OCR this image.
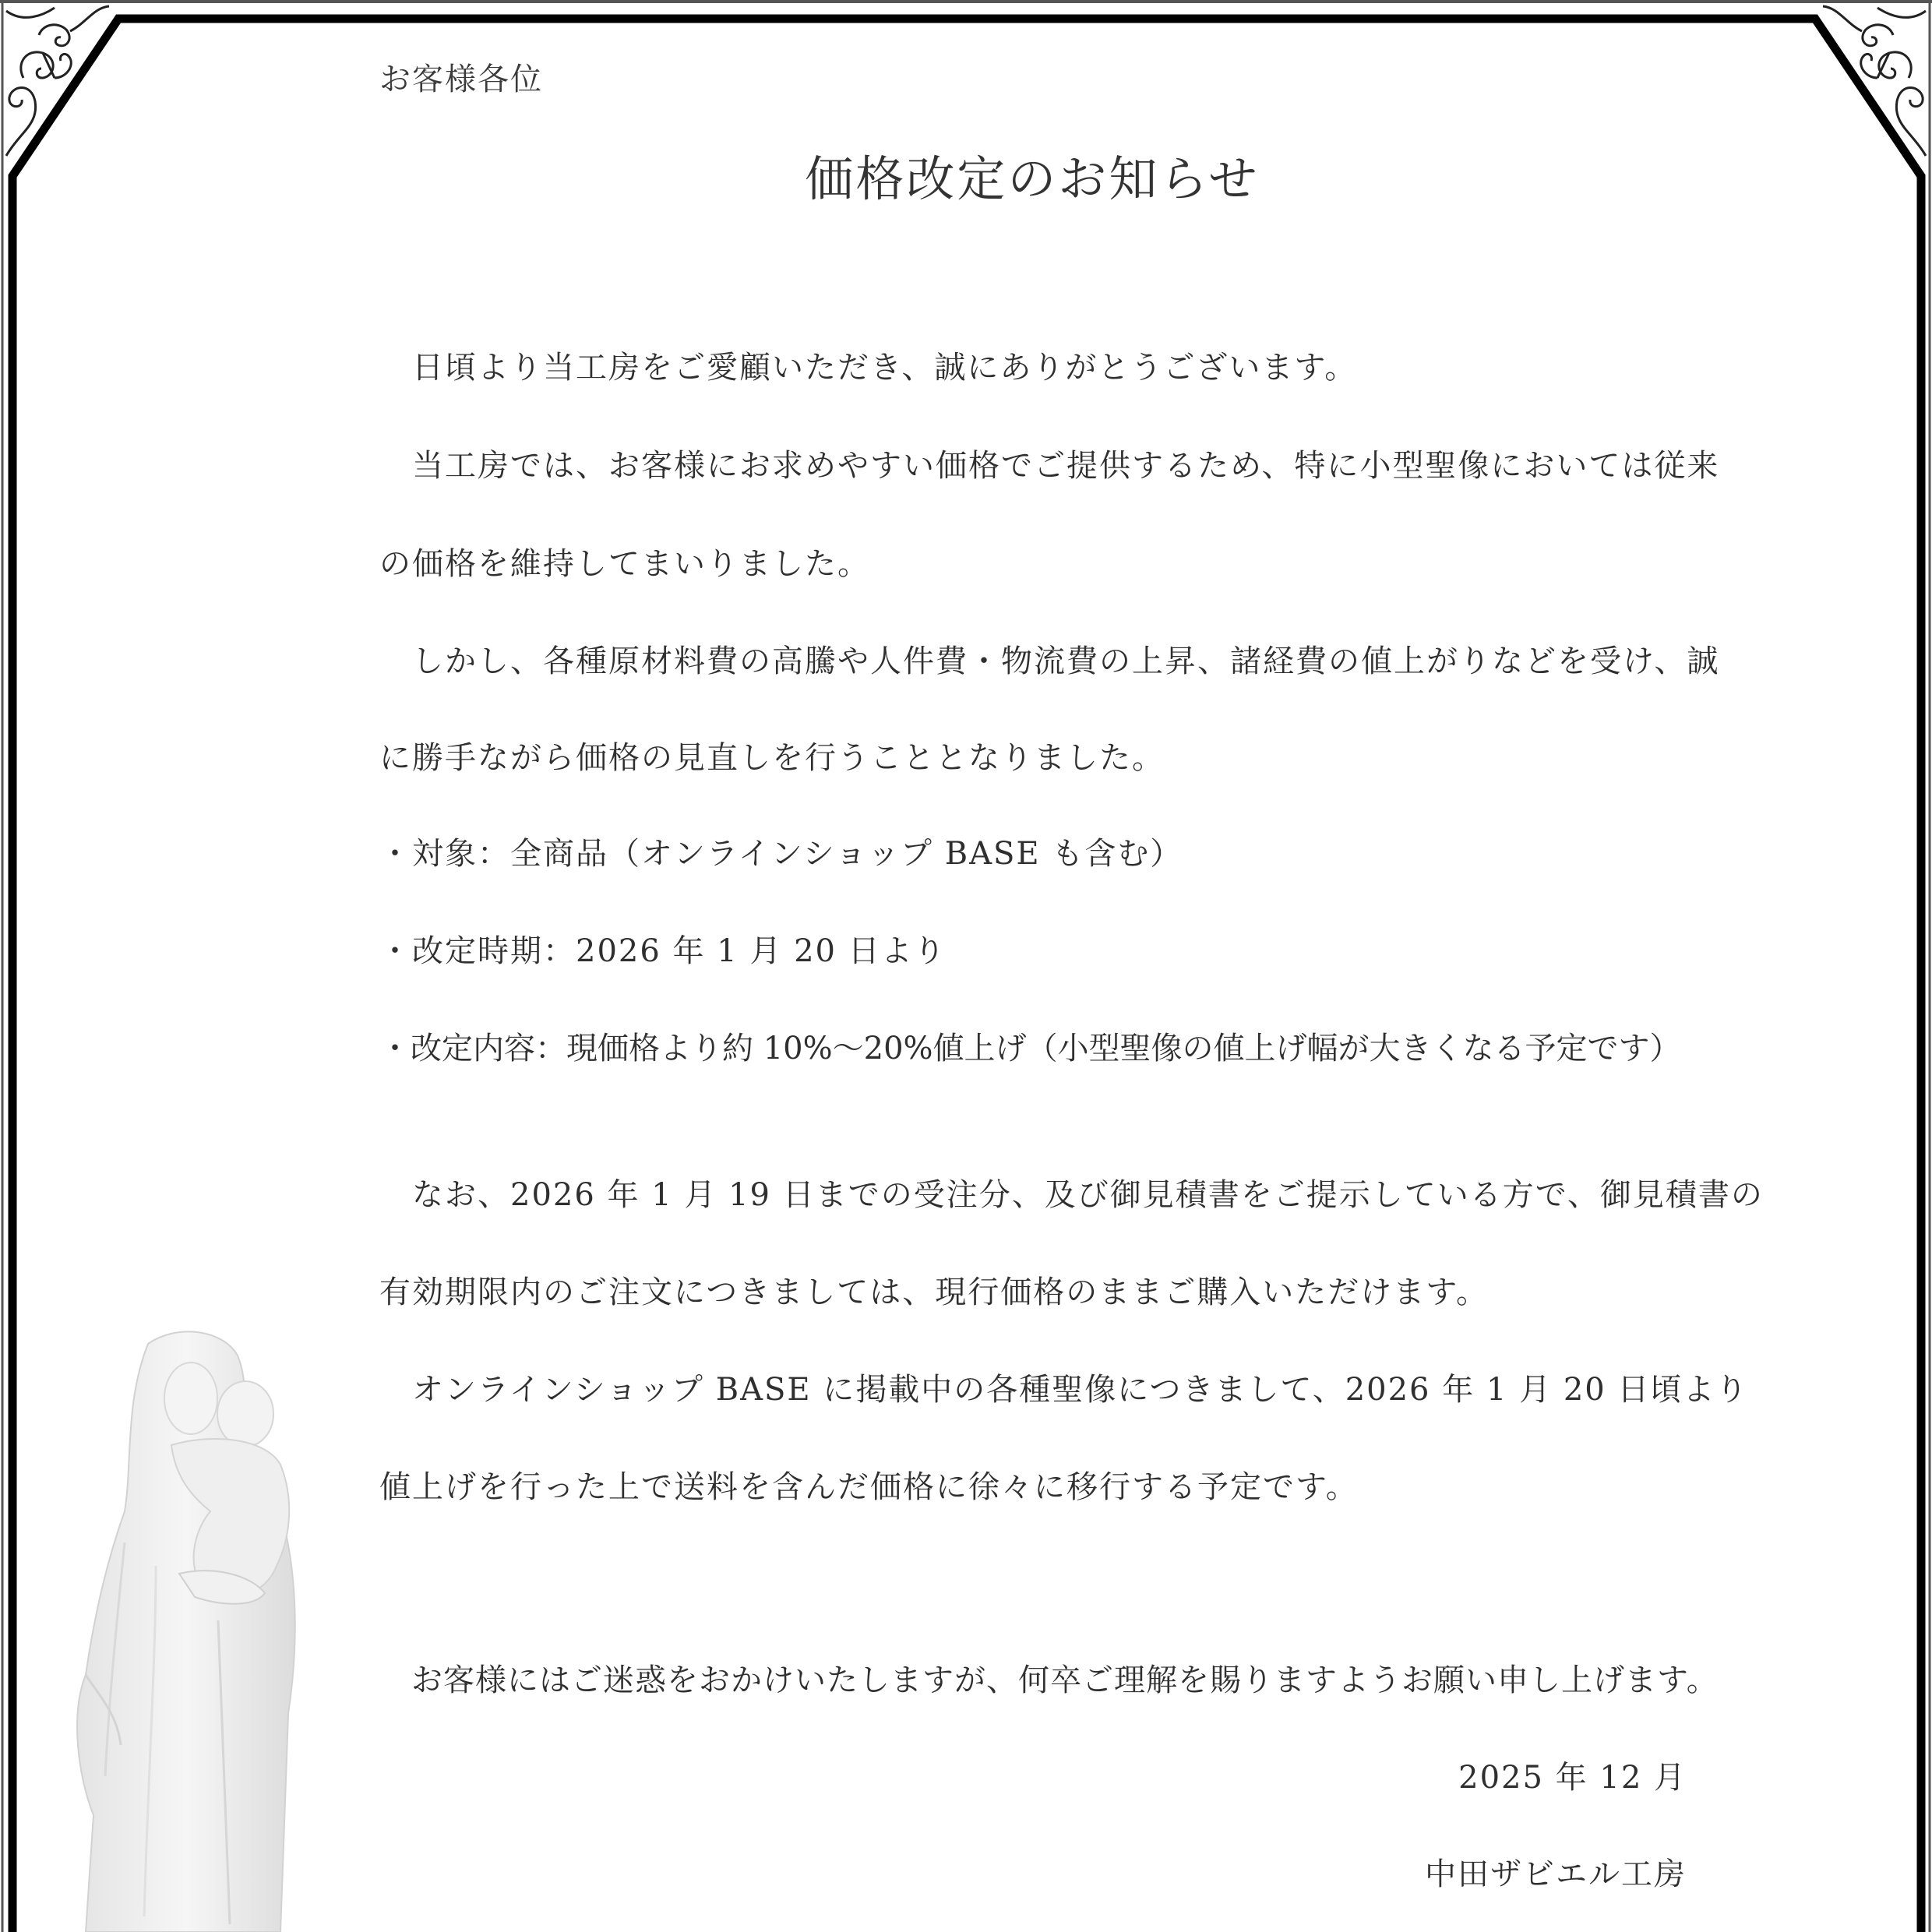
お客様各位
価格改定のお知らせ
　日頃より当工房をご愛顧いただき、誠にありがとうございます。
　当工房では、お客様にお求めやすい価格でご提供するため、特に小型聖像においては従来
の価格を維持してまいりました。
　しかし、各種原材料費の高騰や人件費・物流費の上昇、諸経費の値上がりなどを受け、誠
に勝手ながら価格の見直しを行うこととなりました。
・対象：全商品（オンラインショップ BASE も含む）
・改定時期：2026 年 1 月 20 日より
・改定内容：現価格より約 10%～20%値上げ（小型聖像の値上げ幅が大きくなる予定です）
　なお、2026 年 1 月 19 日までの受注分、及び御見積書をご提示している方で、御見積書の
有効期限内のご注文につきましては、現行価格のままご購入いただけます。
　オンラインショップ BASE に掲載中の各種聖像につきまして、2026 年 1 月 20 日頃より
値上げを行った上で送料を含んだ価格に徐々に移行する予定です。
　お客様にはご迷惑をおかけいたしますが、何卒ご理解を賜りますようお願い申し上げます。
2025 年 12 月
中田ザビエル工房
